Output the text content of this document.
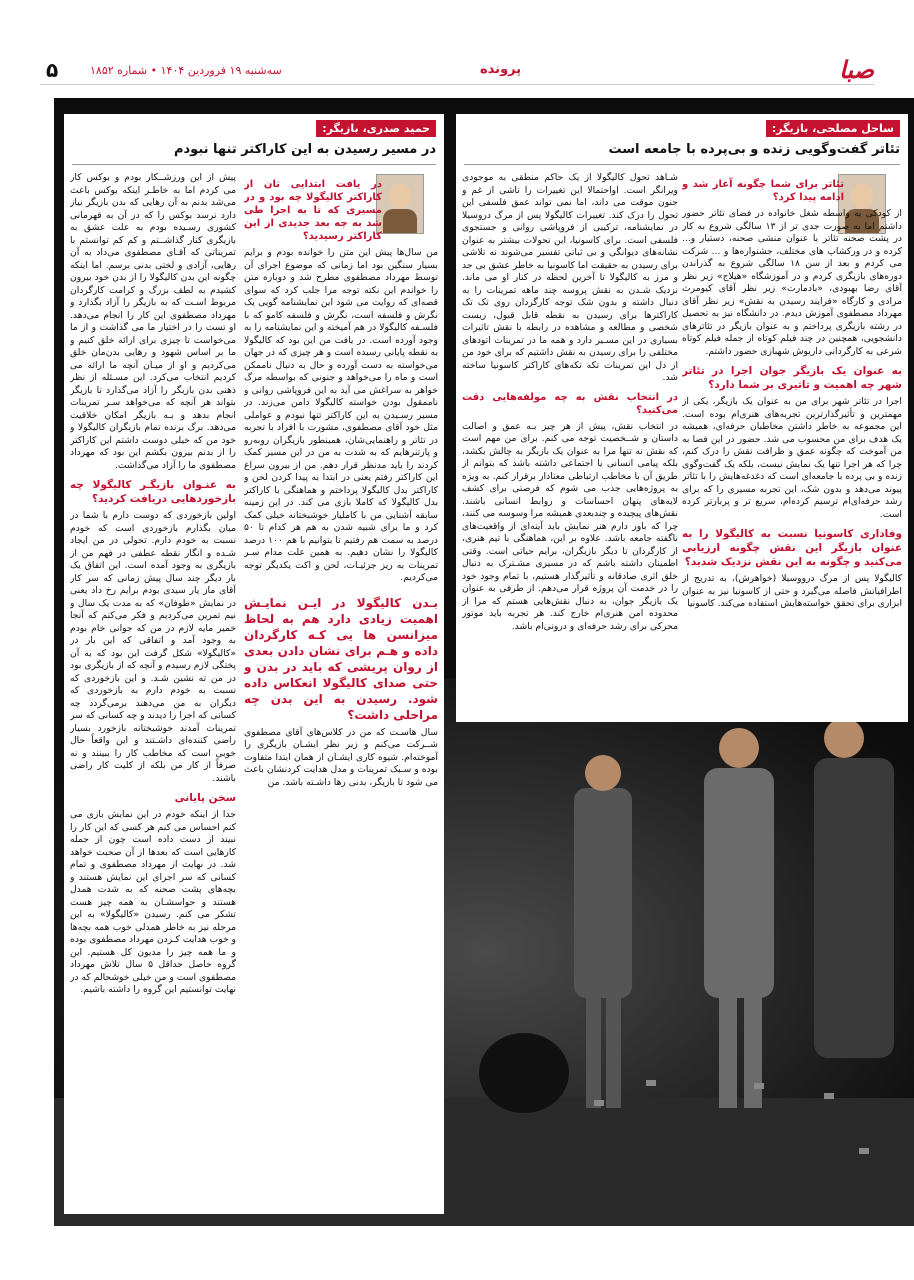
۵	سه‌شنبه ۱۹ فروردین ۱۴۰۴ • شماره ۱۸۵۲	پرونده	صبا
ساحل مصلحی، بازیگر:
تئاتر گفت‌وگویی زنده و بی‌پرده با جامعه است
تئاتر برای شما چگونه آغاز شد و ادامه پیدا کرد؟
از کودکی به واسطه شغل خانواده در فضای تئاتر حضور داشتم اما به صورت جدی تر از ۱۳ سالگی شروع به کار در پشت صحنه تئاتر با عنوان منشی صحنه، دستیار و... کرده و در ورکشاپ های مختلف، جشنواره‌ها و ... شرکت می کردم و بعد از سن ۱۸ سالگی شروع به گذراندن دوره‌های بازیگری کردم و در آموزشگاه «هیلاج» زیر نظر آقای رضا بهبودی، «بادمارت» زیر نظر آقای کیومرث مرادی و کارگاه «فرایند رسیدن به نقش» زیر نظر آقای مهرداد مصطفوی آموزش دیدم. در دانشگاه نیز به تحصیل در رشته بازیگری پرداختم و به عنوان بازیگر در تئاترهای دانشجویی، همچنین در چند فیلم کوتاه از جمله فیلم کوتاه شرعی به کارگردانی داریوش شهبازی حضور داشتم.
به عنوان یک بازیگر جوان اجرا در تئاتر شهر چه اهمیت و تاثیری بر شما دارد؟
اجرا در تئاتر شهر برای من به عنوان یک بازیگر، یکی از مهمترین و تأثیرگذارترین تجربه‌های هنری‌ام بوده است. این مجموعه به خاطر داشتن مخاطبان حرفه‌ای، همیشه یک هدف برای من محسوب می شد. حضور در این فضا به من آموخت که چگونه عمق و ظرافت نقش را درک کنم، چرا که هر اجرا تنها یک نمایش نیست، بلکه یک گفت‌وگوی زنده و بی پرده با جامعه‌ای است که دغدغه‌هایش را با تئاتر پیوند می‌دهد و بدون شک، این تجربه مسیری را که برای رشد حرفه‌ای‌ام ترسیم کرده‌ام، سریع تر و پربارتر کرده است.
وفاداری کاسونیا نسبت به کالیگولا را به عنوان بازیگر این نقش چگونه ارزیابی می‌کنید و چگونه به این نقش نزدیک شدید؟
کالیگولا پس از مرگ درووسیلا (خواهرش)، به تدریج از اطرافیانش فاصله می‌گیرد و حتی از کاسونیا نیز به عنوان ابزاری برای تحقق خواسته‌هایش استفاده می‌کند. کاسونیا
شـاهد تحول کالیگولا از یک حاکم منطقی به موجودی ویرانگر است. اواحتمالا این تغییرات را ناشی از غم و جنون موقت می داند، اما نمی تواند عمق فلسفی این تحول را درک کند. تغییرات کالیگولا پس از مرگ دروسیلا در نمایشنامه، ترکیبی از فروپاشی روانی و جستجوی فلسفی است. برای کاسونیا، این تحولات بیشتر به عنوان نشانه‌های دیوانگی و بی ثباتی تفسیر می‌شوند نه تلاشی برای رسیدن به حقیقت اما کاسونیا به خاطر عشق بی حد و مرز به کالیگولا تا آخرین لحظه در کنار او می ماند. نزدیک شـدن به نقش پروسه چند ماهه تمرینات را به دنبال داشته و بدون شک توجه کارگردان روی تک تک کاراکترها برای رسیدن به نقطه قابل قبول، زیست شخصی و مطالعه و مشاهده در رابطه با نقش تاثیرات بسیاری در این مسـیر دارد و همه ما در تمرینات اتودهای مختلفی را برای رسیدن به نقش داشتیم که برای خود من از دل این تمرینات تکه تکه‌های کاراکتر کاسونیا ساخته شد.
در انتخاب نقش به چه مولفه‌هایی دقت می‌کنید؟
در انتخاب نقش، پیش از هر چیز بـه عمق و اصالت داستان و شــخصیت توجه می کنم. برای من مهم است که نقش نه تنها مرا به عنوان یک بازیگر به چالش بکشد، بلکه پیامی انسانی یا اجتماعی داشته باشد که بتوانم از طریق آن با مخاطب ارتباطی معنادار برقرار کنم. به ویژه به پروژه‌هایی جذب می شوم که فرصتی برای کشف لایه‌های پنهان احساسات و روابط انسانی باشند. نقش‌های پیچیده و چندبعدی همیشه مرا وسوسه می کنند، چرا که باور دارم هنر نمایش باید آینه‌ای از واقعیت‌های ناگفته جامعه باشد. علاوه بر این، هماهنگی با تیم هنری، از کارگردان تا دیگر بازیگران، برایم حیاتی است. وقتی اطمینان داشته باشم که در مسیری مشـترک به دنبال خلق اثری صادقانه و تأثیرگذار هستیم، با تمام وجود خود را در خدمت آن پروژه قرار می‌دهم. از طرفی به عنوان یک بازیگر جوان، به دنبال نقش‌هایی هستم که مرا از محدوده امن هنری‌ام خارج کند. هر تجربه باید موتور محرکی برای رشد حرفه‌ای و درونی‌ام باشد.
حمید صدری، بازیگر:
در مسیر رسیدن به این کاراکتر تنها نبودم
در یافت ابتدایی تان از کاراکتر کالیگولا چه بود و در مسیری که تا به اجرا طی شد به چه بعد جدیدی از این کاراکتر رسیدید؟
من سال‌ها پیش این متن را خوانده بودم و برایم بسیار سنگین بود اما زمانی که موضوع اجرای آن توسط مهرداد مصطفوی مطرح شد و دوباره متن را خواندم این نکته توجه مرا جلب کرد که سوای قصه‌ای که روایت می شود این نمایشنامه گویی یک نگرش و فلسفه است، نگرش و فلسفه کامو که با فلسـفه کالیگولا در هم آمیخته و این نمایشنامه را به وجود آورده است. در یافت من این بود که کالیگولا به نقطه پایانی رسیده است و هر چیزی که در جهان می‌خواسته به دست آورده و حال به دنبال ناممکن است و ماه را می‌خواهد و جنونی که بواسطه مرگ خواهر به سراغش می آید به این فروپاشی روانی و ناممقول بودن خواسته کالیگولا دامن می‌زند. در مسیر رسـیدن به این کاراکتر تنها نبودم و عواملی مثل خود آقای مصطفوی، مشورت با افراد با تجربه در تئاتر و راهنمایی‌شان، همینطور بازیگران روبه‌رو و پارتنرهایم که به شدت به من در این مسیر کمک کردند را باید مدنظر قرار دهم. من از بیرون سراغ این کاراکتر رفتم یعنی در ابتدا به پیدا کردن لحن و کاراکتر بدل کالیگولا پرداختم و هماهنگی با کاراکتر بدل کالیگولا که کاملا بازی می کند. در این زمینه سابقه آشنایی من با کاملیار خوشبختانه خیلی کمک کرد و ما برای شبیه شدن به هم هر کدام تا ۵۰ درصد به سمت هم رفتیم تا بتوانیم با هم ۱۰۰ درصد کالیگولا را نشان دهیم. به همین علت مدام سـر تمرینات به ریز جزئیـات، لحن و اکت یکدیگر توجه می‌کردیم.
بـدن کالیگولا در ایـن نمایـش اهمیت زیادی دارد هم به لحاظ میزانسن ها یی کـه کارگردان داده و هـم برای نشان دادن بعدی از روان پریشی که باید در بدن و حتی صدای کالیگولا انعکاس داده شود. رسیدن به این بدن چه مراحلی داشت؟
سال هاسـت که من در کلاس‌های آقای مصطفوی شــرکت می‌کنم و زیر نظر ایشـان بازیگری را آموخته‌ام. شیوه کاری ایشـان از همان ابتدا متفاوت بوده و سـبک تمرینات و مدل هدایت کردنشان باعث می شود تا بازیگر، بدنی رها داشـته باشد. من
پیش از این ورزشــکار بودم و بوکس کار می کردم اما به خاطـر اینکه بوکس باعث می‌شد بدنم به آن رهایی که بدن بازیگر نیاز دارد نرسد بوکس را که در آن به قهرمانی کشوری رسـیده بودم به علت عشق به بازیگری کنار گذاشــتم و کم کم توانستم با تمریناتی که آقـای مصطفوی می‌داد به آن رهایی، آزادی و لختی بدنی برسم. اما اینکه چگونه این بدن کالیگولا را از بدن خود بیرون کشیدم به لطف بزرگ و کرامت کارگردان مربوط اسـت که به بازیگر را آزاد بگذارد و مهرداد مصطفوی این کار را انجام می‌دهد. او تست را در اختیار ما می گذاشت و از ما می‌خواست تا چیزی برای ارائه خلق کنیم و ما بر اساس شهود و رهایی بدن‌مان خلق می‌کردیم و او از میـان آنچه ما ارائه می کردیم انتخاب می‌کرد. این مسـئله از نظر ذهنی بدن بازیگر را آزاد می‌گذارد تا بازیگر بتواند هر آنچه که می‌خواهد سـر تمرینات انجام بدهد و بـه بازیگر امکان خلاقیت می‌دهد. برگ برنده تمام بازیگران کالیگولا و خود من که خیلی دوست داشتم این کاراکتر را از بدنم بیرون بکشم این بود که مهرداد مصطفوی ما را آزاد می‌گذاشت.
به عنـوان بازیگـر کالیگولا چه بازخوردهایی دریافت کردید؟
اولین بازخوردی که دوست دارم با شما در میان بگذارم بازخوردی است که خودم نسبت به خودم دارم. تحولی در من ایجاد شـده و انگار نقطه عطفی در فهم من از بازیگری به وجود آمده است. این اتفاق یک بار دیگر چند سال پیش زمانی که سر کار آقای ماز یار سیدی بودم برایم رخ داد یعنی در نمایش «طوفان» که به مدت یک سال و نیم تمرین می‌کردیم و فکر می‌کنم که آنجا خمیر مایه لازم در من که جوانی خام بودم به وجود آمد و اتفاقی که این بار در «کالیگولا» شکل گرفت این بود که به آن پختگی لازم رسیدم و آنچه که از بازیگری بود در من ته نشین شـد. و این بازخوردی که نسبت به خودم دارم به بازخوردی که دیگران به من می‌دهند برمی‌گردد چه کسانی که اجرا را دیدند و چه کسانی که سر تمرینات آمدند خوشبختانه بازخورد بسیار راضی کننده‌ای داشـتند و این واقعاً حال خوبی است که مخاطب کار را ببینند و نه صرفاً از کار من بلکه از کلیت کار راضی باشند.
سخن پایانی
جدا از اینکه خودم در این نمایش بازی می کنم احساس می کنم هر کسی که این کار را نبیند از دست داده است چون از جمله کارهایی است که بعدها از آن صحبت خواهد شد. در نهایت از مهرداد مصطفوی و تمام کسانی که سر اجرای این نمایش هستند و بچه‌های پشت صحنه که به شدت همدل هستند و حواسشـان به همه چیز هست تشکر می کنم. رسیدن «کالیگولا» به این مرحله نیز به خاطر همدلی خوب همه بچه‌ها و خوب هدایت کـردن مهرداد مصطفوی بوده و ما همه چیز را مدیون کل هستیم. این گروه حاصل حداقل ۵ سال تلاش مهرداد مصطفوی است و من خیلی خوشحالم که در نهایت توانستیم این گروه را داشته باشیم.
